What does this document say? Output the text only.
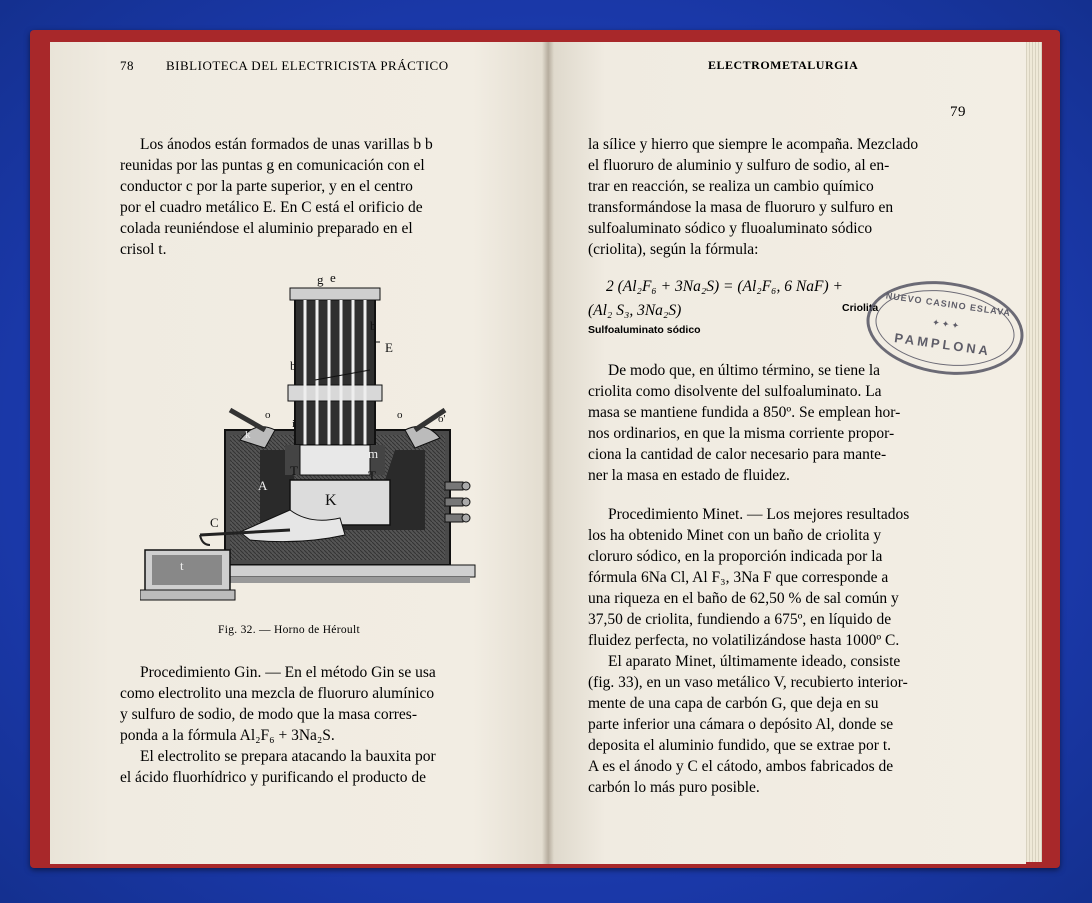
78 BIBLIOTECA DEL ELECTRICISTA PRÁCTICO

Los ánodos están formados de unas varillas b b

reunidas por las puntas g en comunicación con el

conductor c por la parte superior, y en el centro

por el cuadro metálico E. En C está el orificio de

colada reuniéndose el aluminio preparado en el

crisol t.

g e
b
b
E
o	o	o'
i
k
m
T	T
A
K
C
t
Fig. 32. — Horno de Héroult

Procedimiento Gin. — En el método Gin se usa

como electrolito una mezcla de fluoruro alumínico

y sulfuro de sodio, de modo que la masa corres-

ponda a la fórmula Al₂F₆ + 3Na₂S.

El electrolito se prepara atacando la bauxita por

el ácido fluorhídrico y purificando el producto de

ELECTROMETALURGIA
79

la sílice y hierro que siempre le acompaña. Mezclado

el fluoruro de aluminio y sulfuro de sodio, al en-

trar en reacción, se realiza un cambio químico

transformándose la masa de fluoruro y sulfuro en

sulfoaluminato sódico y fluoaluminato sódico

(criolita), según la fórmula:

2 (Al₂F₆ + 3Na₂S) = (Al₂F₆, 6 NaF) +
(Al₂ S₃, 3Na₂S)	Criolita
Sulfoaluminato sódico
NUEVO CASINO ESLAVA
✦ ✦ ✦
PAMPLONA

De modo que, en último término, se tiene la

criolita como disolvente del sulfoaluminato. La

masa se mantiene fundida a 850º. Se emplean hor-

nos ordinarios, en que la misma corriente propor-

ciona la cantidad de calor necesario para mante-

ner la masa en estado de fluidez.

Procedimiento Minet. — Los mejores resultados

los ha obtenido Minet con un baño de criolita y

cloruro sódico, en la proporción indicada por la

fórmula 6Na Cl, Al F₃, 3Na F que corresponde a

una riqueza en el baño de 62,50 % de sal común y

37,50 de criolita, fundiendo a 675º, en líquido de

fluidez perfecta, no volatilizándose hasta 1000º C.

El aparato Minet, últimamente ideado, consiste

(fig. 33), en un vaso metálico V, recubierto interior-

mente de una capa de carbón G, que deja en su

parte inferior una cámara o depósito Al, donde se

deposita el aluminio fundido, que se extrae por t.

A es el ánodo y C el cátodo, ambos fabricados de

carbón lo más puro posible.
